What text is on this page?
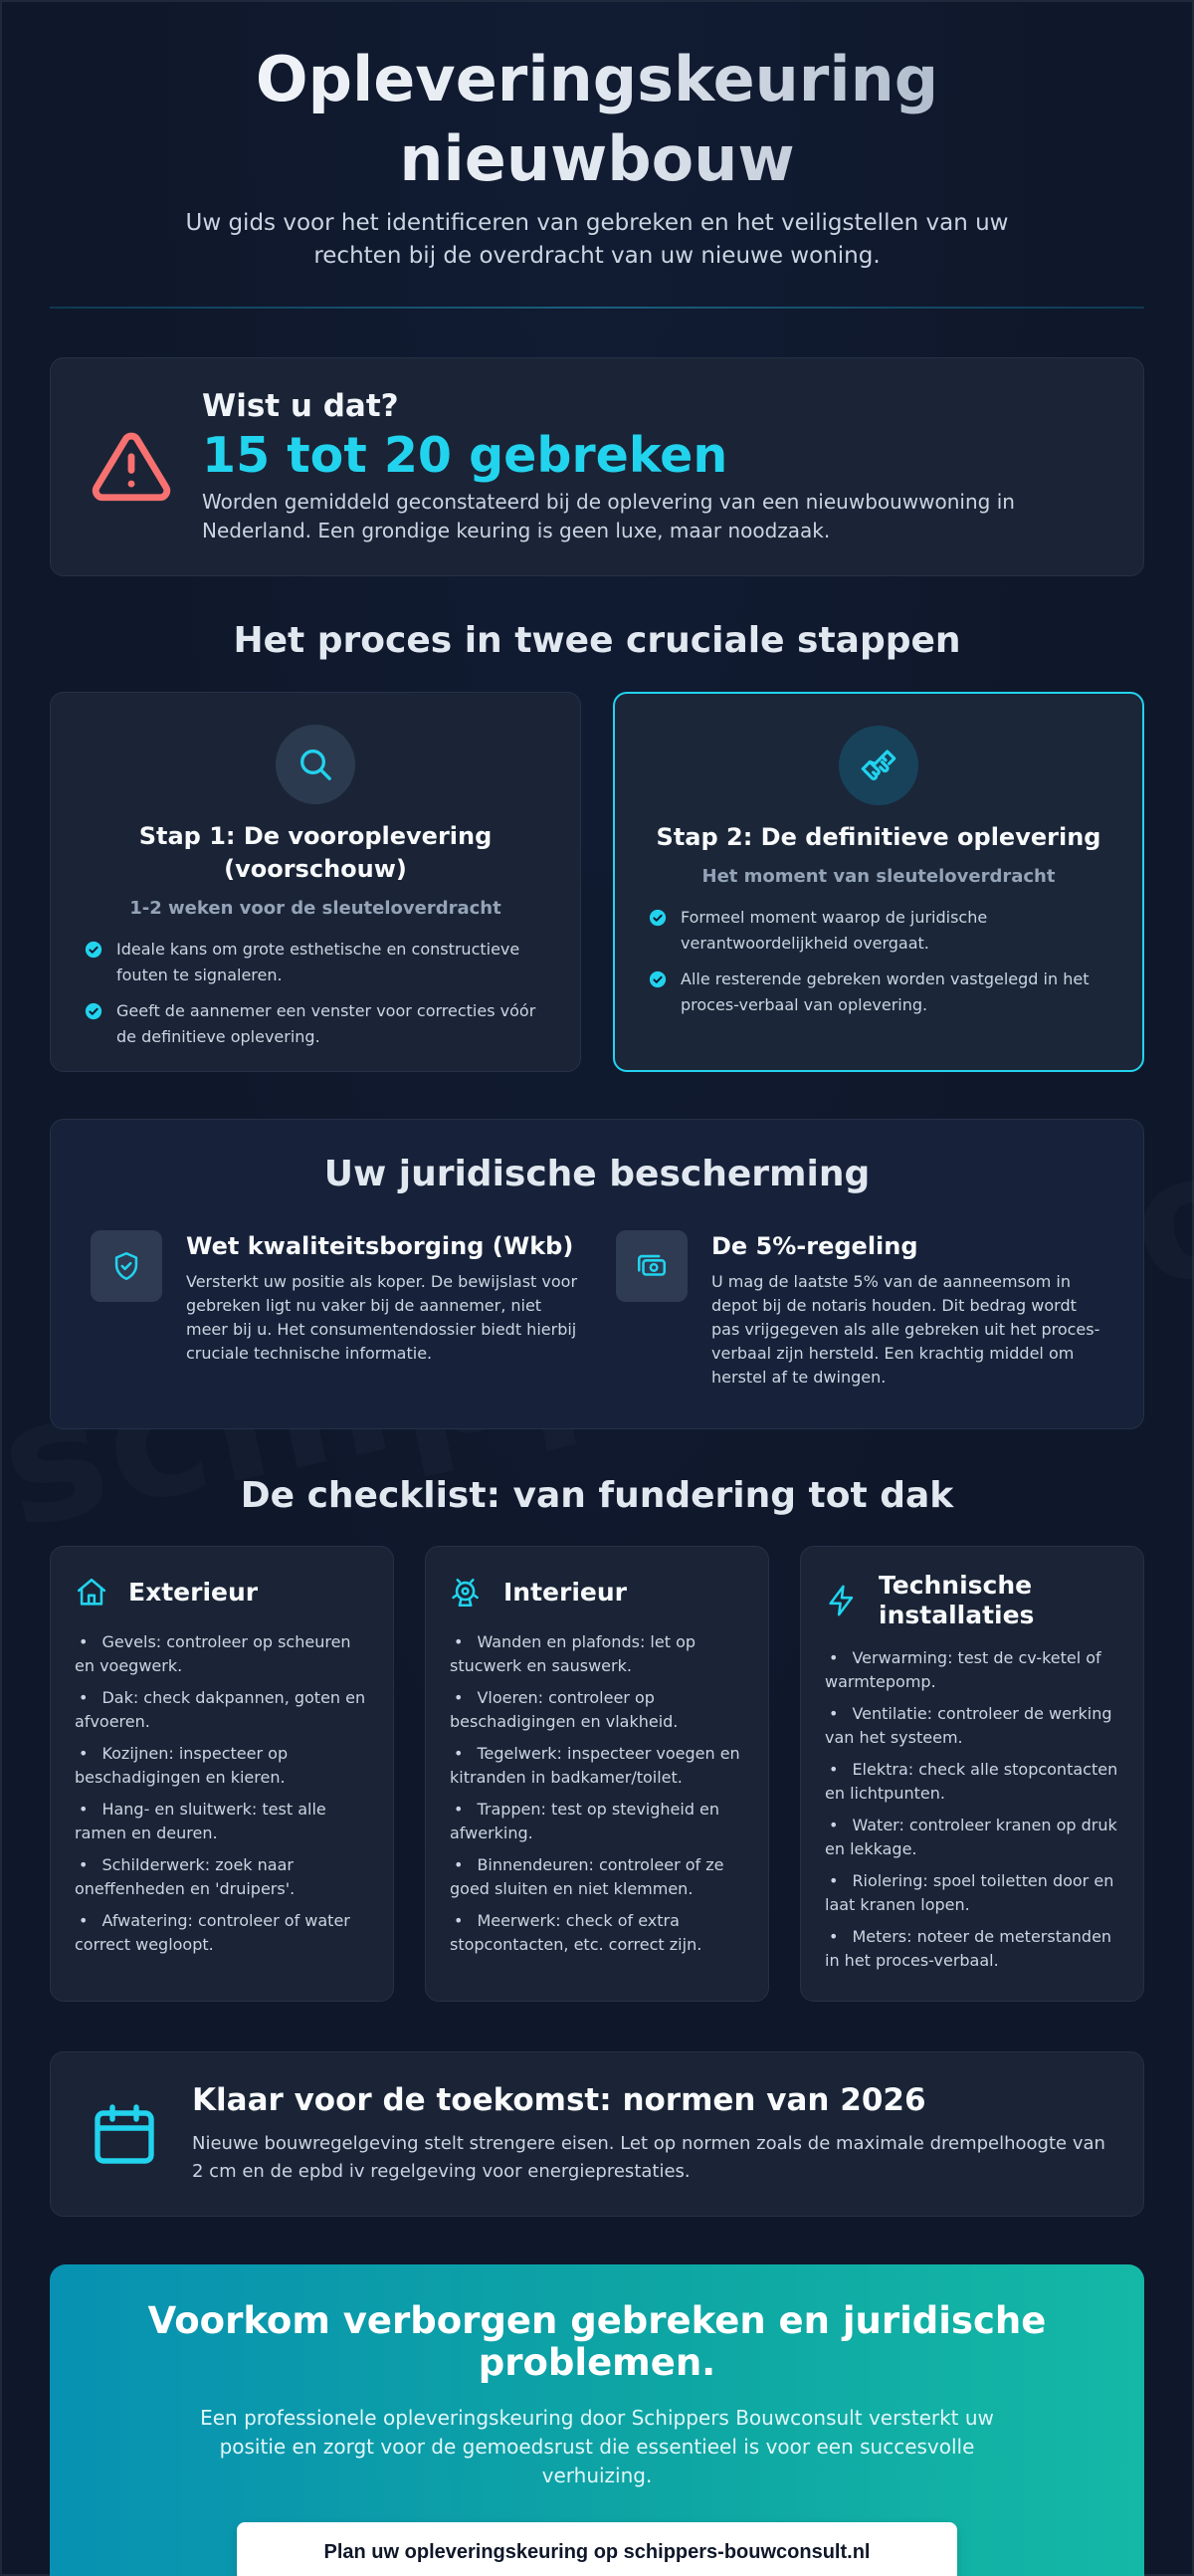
Opleveringskeuring nieuwbouw

Uw gids voor het identificeren van gebreken en het veiligstellen van uw rechten bij de overdracht van uw nieuwe woning.

Wist u dat?
15 tot 20 gebreken
Worden gemiddeld geconstateerd bij de oplevering van een nieuwbouwwoning in Nederland. Een grondige keuring is geen luxe, maar noodzaak.
Het proces in twee cruciale stappen
Stap 1: De vooroplevering (voorschouw)
1-2 weken voor de sleuteloverdracht
Ideale kans om grote esthetische en constructieve fouten te signaleren.
Geeft de aannemer een venster voor correcties vóór de definitieve oplevering.
Stap 2: De definitieve oplevering
Het moment van sleuteloverdracht
Formeel moment waarop de juridische verantwoordelijkheid overgaat.
Alle resterende gebreken worden vastgelegd in het proces-verbaal van oplevering.
Uw juridische bescherming
Wet kwaliteitsborging (Wkb)

Versterkt uw positie als koper. De bewijslast voor gebreken ligt nu vaker bij de aannemer, niet meer bij u. Het consumentendossier biedt hierbij cruciale technische informatie.

De 5%-regeling

U mag de laatste 5% van de aanneemsom in depot bij de notaris houden. Dit bedrag wordt pas vrijgegeven als alle gebreken uit het proces-verbaal zijn hersteld. Een krachtig middel om herstel af te dwingen.

De checklist: van fundering tot dak
Exterieur
• Gevels: controleer op scheuren en voegwerk.
• Dak: check dakpannen, goten en afvoeren.
• Kozijnen: inspecteer op beschadigingen en kieren.
• Hang- en sluitwerk: test alle ramen en deuren.
• Schilderwerk: zoek naar oneffenheden en 'druipers'.
• Afwatering: controleer of water correct wegloopt.
Interieur
• Wanden en plafonds: let op stucwerk en sauswerk.
• Vloeren: controleer op beschadigingen en vlakheid.
• Tegelwerk: inspecteer voegen en kitranden in badkamer/toilet.
• Trappen: test op stevigheid en afwerking.
• Binnendeuren: controleer of ze goed sluiten en niet klemmen.
• Meerwerk: check of extra stopcontacten, etc. correct zijn.
Technische installaties
• Verwarming: test de cv-ketel of warmtepomp.
• Ventilatie: controleer de werking van het systeem.
• Elektra: check alle stopcontacten en lichtpunten.
• Water: controleer kranen op druk en lekkage.
• Riolering: spoel toiletten door en laat kranen lopen.
• Meters: noteer de meterstanden in het proces-verbaal.
Klaar voor de toekomst: normen van 2026

Nieuwe bouwregelgeving stelt strengere eisen. Let op normen zoals de maximale drempelhoogte van 2 cm en de epbd iv regelgeving voor energieprestaties.

Voorkom verborgen gebreken en juridische problemen.

Een professionele opleveringskeuring door Schippers Bouwconsult versterkt uw positie en zorgt voor de gemoedsrust die essentieel is voor een succesvolle verhuizing.

Plan uw opleveringskeuring op schippers-bouwconsult.nl
